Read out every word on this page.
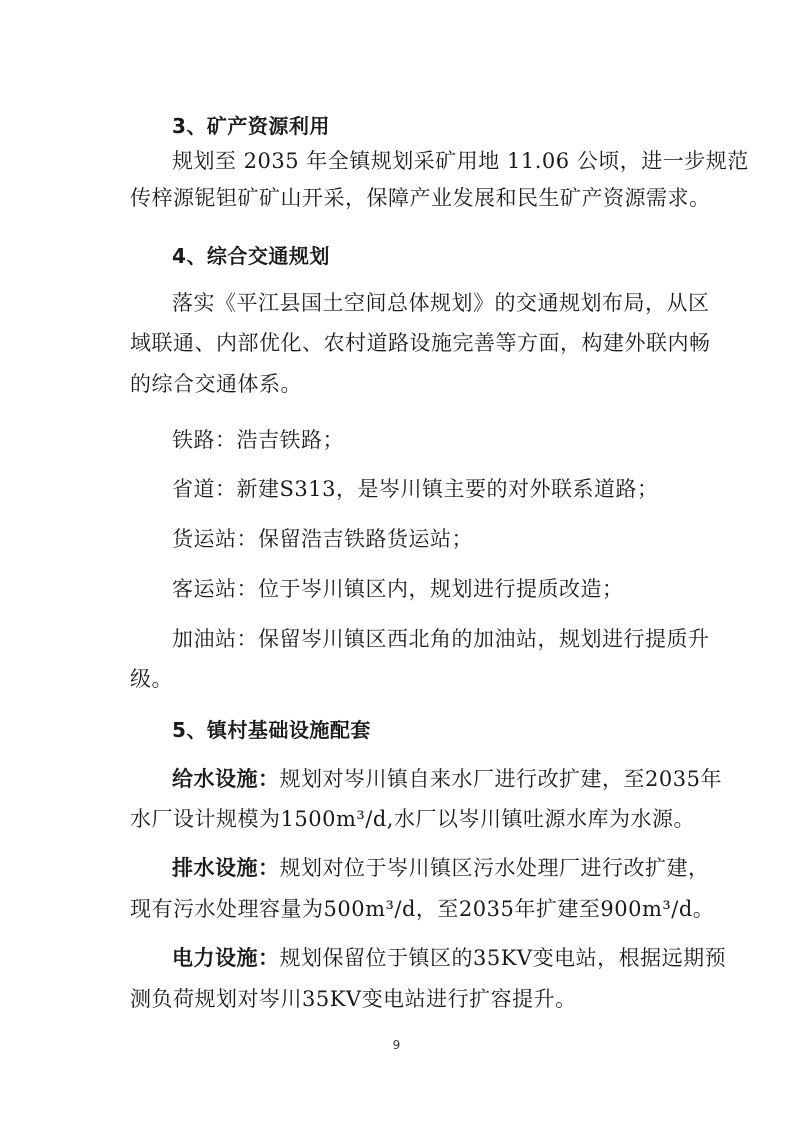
3、矿产资源利用
规划至 2035 年全镇规划采矿用地 11.06 公顷，进一步规范
传梓源铌钽矿矿山开采，保障产业发展和民生矿产资源需求。
4、综合交通规划
落实《平江县国土空间总体规划》的交通规划布局，从区
域联通、内部优化、农村道路设施完善等方面，构建外联内畅
的综合交通体系。
铁路：浩吉铁路；
省道：新建S313，是岑川镇主要的对外联系道路；
货运站：保留浩吉铁路货运站；
客运站：位于岑川镇区内，规划进行提质改造；
加油站：保留岑川镇区西北角的加油站，规划进行提质升
级。
5、镇村基础设施配套
给水设施：规划对岑川镇自来水厂进行改扩建，至2035年
水厂设计规模为1500m³/d,水厂以岑川镇吐源水库为水源。
排水设施：规划对位于岑川镇区污水处理厂进行改扩建，
现有污水处理容量为500m³/d，至2035年扩建至900m³/d。
电力设施：规划保留位于镇区的35KV变电站，根据远期预
测负荷规划对岑川35KV变电站进行扩容提升。
9
